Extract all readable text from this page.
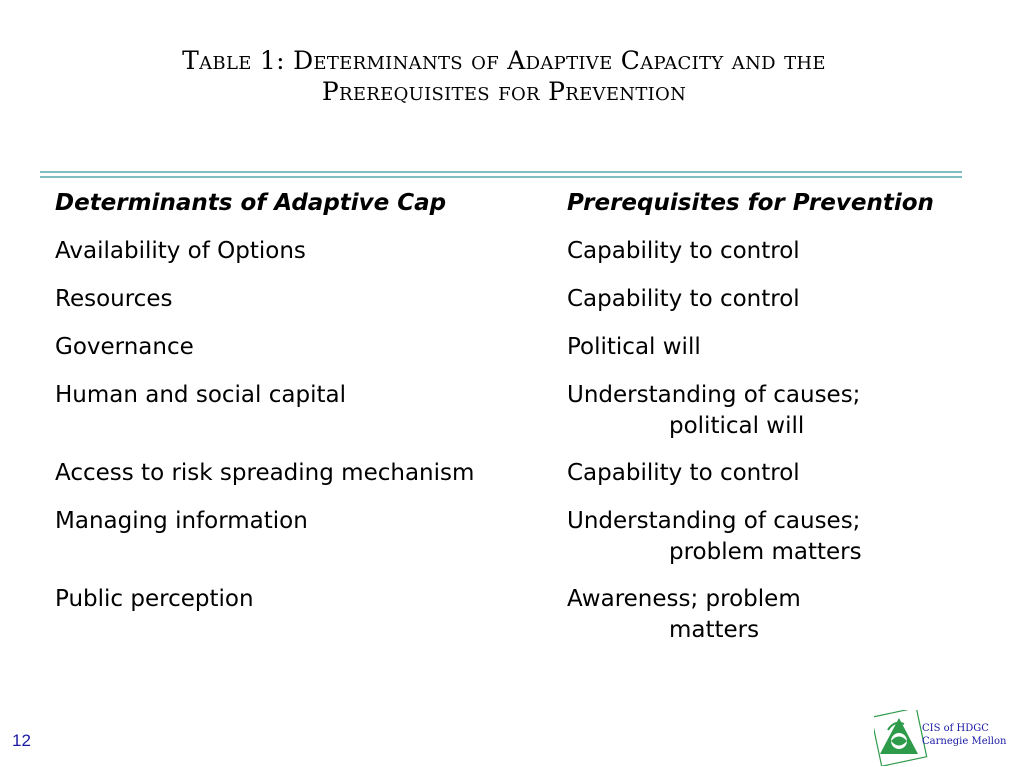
Table 1: Determinants of Adaptive Capacity and the
Prerequisites for Prevention
Determinants of Adaptive Cap	Prerequisites for Prevention
Availability of Options	Capability to control
Resources	Capability to control
Governance	Political will
Human and social capital	Understanding of causes;
political will
Access to risk spreading mechanism	Capability to control
Managing information	Understanding of causes;
problem matters
Public perception	Awareness; problem
matters
12
CIS of HDGC
Carnegie Mellon
